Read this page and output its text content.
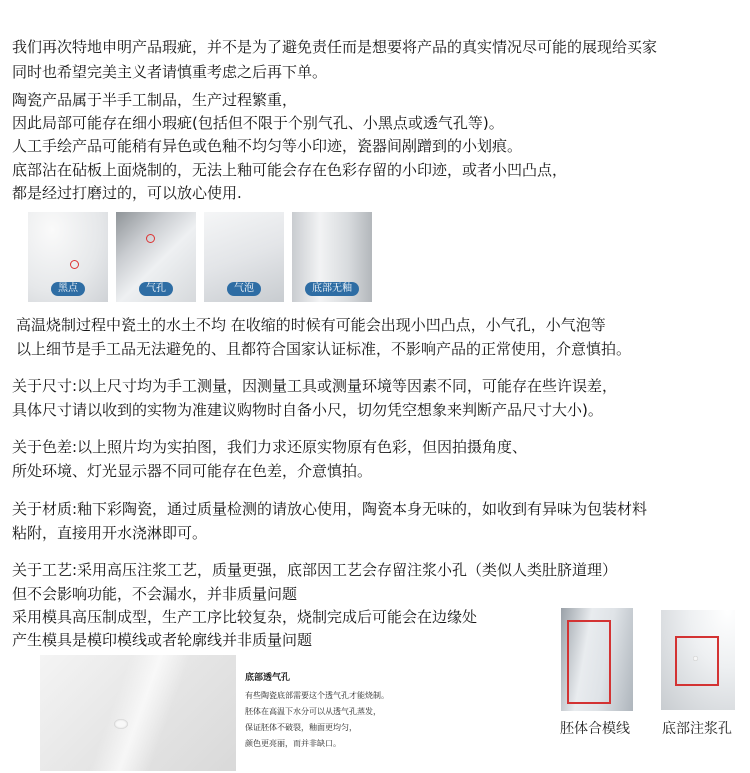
我们再次特地申明产品瑕疵，并不是为了避免责任而是想要将产品的真实情况尽可能的展现给买家
同时也希望完美主义者请慎重考虑之后再下单。
陶瓷产品属于半手工制品，生产过程繁重，
因此局部可能存在细小瑕疵(包括但不限于个别气孔、小黑点或透气孔等)。
人工手绘产品可能稍有异色或色釉不均匀等小印迹，瓷器间剐蹭到的小划痕。
底部沾在砧板上面烧制的，无法上釉可能会存在色彩存留的小印迹，或者小凹凸点，
都是经过打磨过的，可以放心使用.
黑点	气孔	气泡	底部无釉
高温烧制过程中瓷土的水土不均 在收缩的时候有可能会出现小凹凸点，小气孔，小气泡等
以上细节是手工品无法避免的、且都符合国家认证标准，不影响产品的正常使用，介意慎拍。
关于尺寸:以上尺寸均为手工测量，因测量工具或测量环境等因素不同，可能存在些许误差，
具体尺寸请以收到的实物为准建议购物时自备小尺，切勿凭空想象来判断产品尺寸大小)。
关于色差:以上照片均为实拍图，我们力求还原实物原有色彩，但因拍摄角度、
所处环境、灯光显示器不同可能存在色差，介意慎拍。
关于材质:釉下彩陶瓷，通过质量检测的请放心使用，陶瓷本身无味的，如收到有异味为包装材料
粘附，直接用开水浇淋即可。
关于工艺:采用高压注浆工艺，质量更强，底部因工艺会存留注浆小孔（类似人类肚脐道理）
但不会影响功能，不会漏水，并非质量问题
采用模具高压制成型，生产工序比较复杂，烧制完成后可能会在边缘处
产生模具是模印模线或者轮廓线并非质量问题
底部透气孔
有些陶瓷底部需要这个透气孔才能烧制。
胚体在高温下水分可以从透气孔蒸发，
保证胚体不破裂，釉面更均匀，
颜色更亮丽，而并非缺口。
胚体合模线 底部注浆孔
